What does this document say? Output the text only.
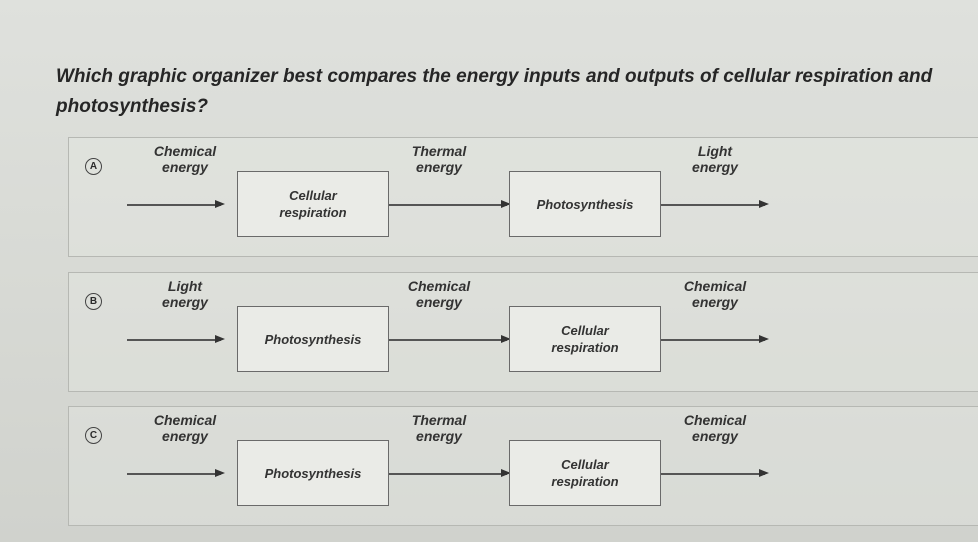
Which graphic organizer best compares the energy inputs and outputs of cellular respiration and photosynthesis?
A
Chemical
energy
Thermal
energy
Light
energy
Cellular
respiration
Photosynthesis
B
Light
energy
Chemical
energy
Chemical
energy
Photosynthesis
Cellular
respiration
C
Chemical
energy
Thermal
energy
Chemical
energy
Photosynthesis
Cellular
respiration
